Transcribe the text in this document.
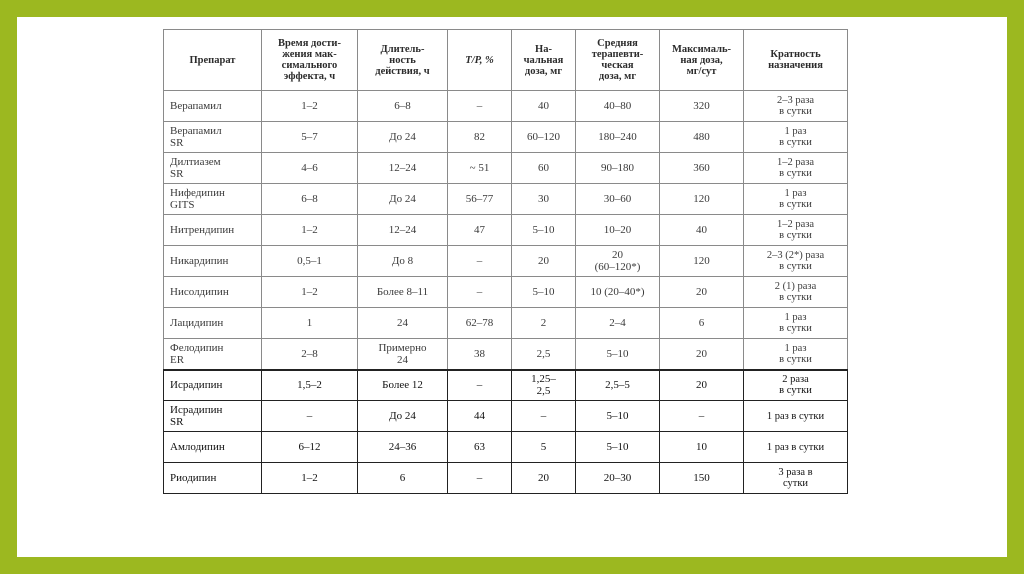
Препарат	Время дости-
жения мак-
симального
эффекта, ч	Длитель-
ность
действия, ч	T/P, %	На-
чальная
доза, мг	Средняя
терапевти-
ческая
доза, мг	Максималь-
ная доза,
мг/сут	Кратность
назначения
Верапамил	1–2	6–8	–	40	40–80	320	2–3 раза
в сутки
Верапамил
SR	5–7	До 24	82	60–120	180–240	480	1 раз
в сутки
Дилтиазем
SR	4–6	12–24	~ 51	60	90–180	360	1–2 раза
в сутки
Нифедипин
GITS	6–8	До 24	56–77	30	30–60	120	1 раз
в сутки
Нитрендипин	1–2	12–24	47	5–10	10–20	40	1–2 раза
в сутки
Никардипин	0,5–1	До 8	–	20	20
(60–120*)	120	2–3 (2*) раза
в сутки
Нисолдипин	1–2	Более 8–11	–	5–10	10 (20–40*)	20	2 (1) раза
в сутки
Лацидипин	1	24	62–78	2	2–4	6	1 раз
в сутки
Фелодипин
ER	2–8	Примерно
24	38	2,5	5–10	20	1 раз
в сутки
Исрадипин	1,5–2	Более 12	–	1,25–
2,5	2,5–5	20	2 раза
в сутки
Исрадипин
SR	–	До 24	44	–	5–10	–	1 раз в сутки
Амлодипин	6–12	24–36	63	5	5–10	10	1 раз в сутки
Риодипин	1–2	6	–	20	20–30	150	3 раза в
сутки
